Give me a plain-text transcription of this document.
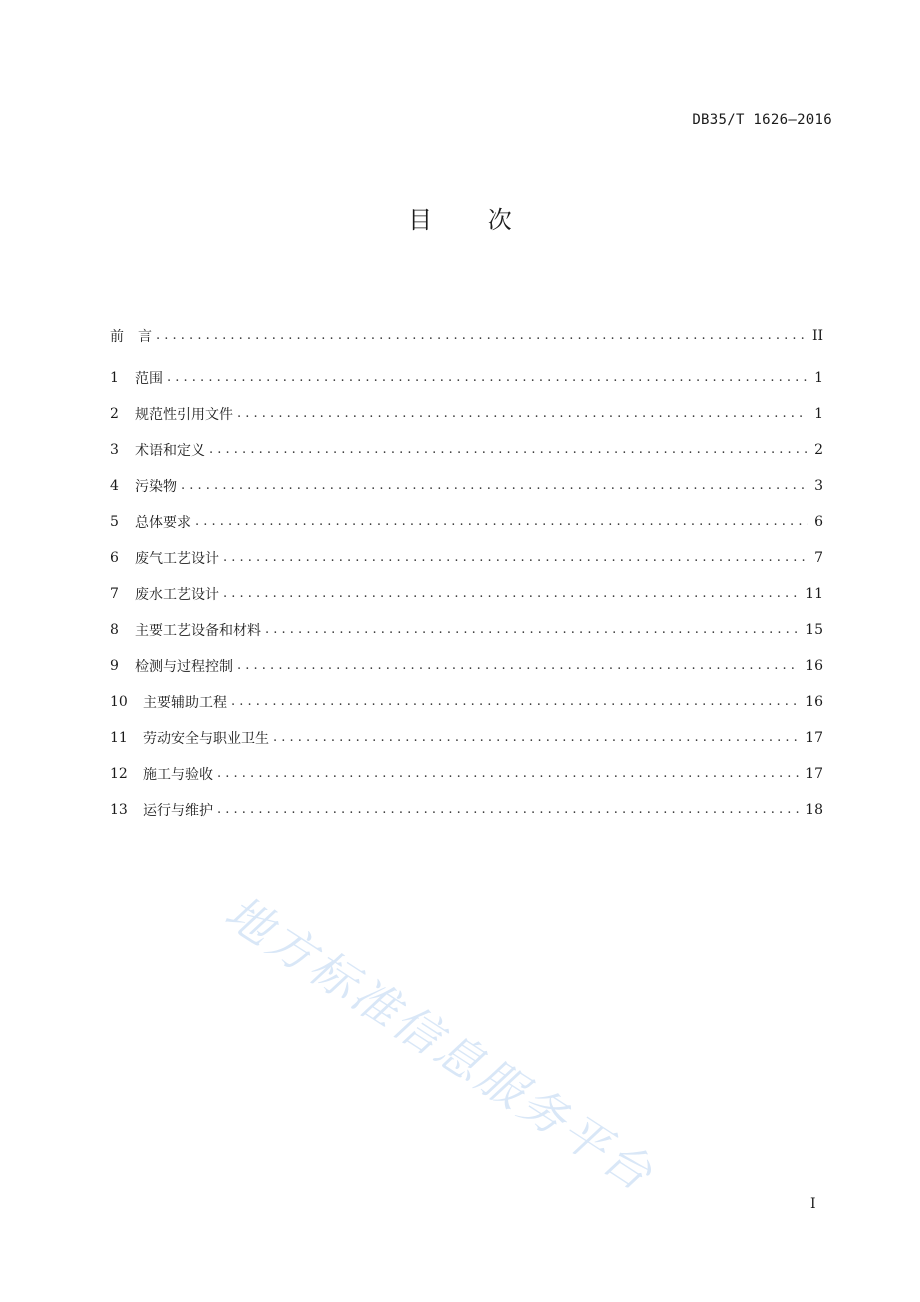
DB35/T 1626—2016
目 次
前　言 . . .	II
1	范围 . . .	1
2	规范性引用文件 . . .	1
3	术语和定义 . . .	2
4	污染物 . . .	3
5	总体要求 . . .	6
6	废气工艺设计 . . .	7
7	废水工艺设计 . . .	11
8	主要工艺设备和材料 . . .	15
9	检测与过程控制 . . .	16
10	主要辅助工程 . . .	16
11	劳动安全与职业卫生 . . .	17
12	施工与验收 . . .	17
13	运行与维护 . . .	18
地方标准信息服务平台
I
